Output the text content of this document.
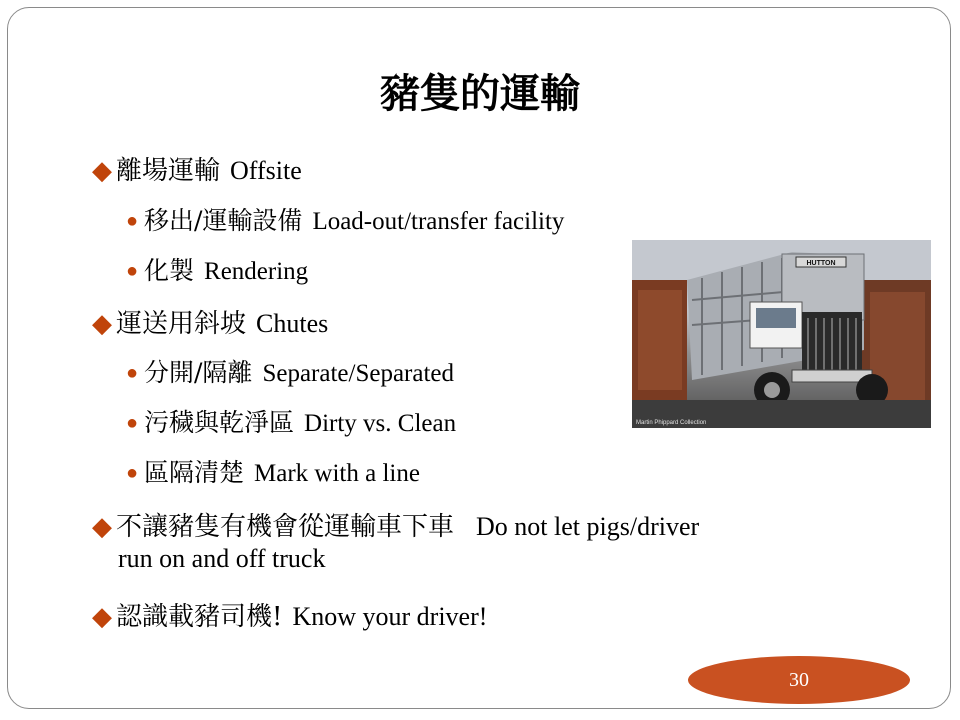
豬隻的運輸
◆ 離場運輸 Offsite
● 移出/運輸設備 Load-out/transfer facility
● 化製 Rendering
◆ 運送用斜坡 Chutes
● 分開/隔離 Separate/Separated
● 污穢與乾淨區 Dirty vs. Clean
● 區隔清楚 Mark with a line
◆ 不讓豬隻有機會從運輸車下車 Do not let pigs/driver
run on and off truck
◆ 認識載豬司機! Know your driver!
HUTTON
Martin Phippard Collection
30
